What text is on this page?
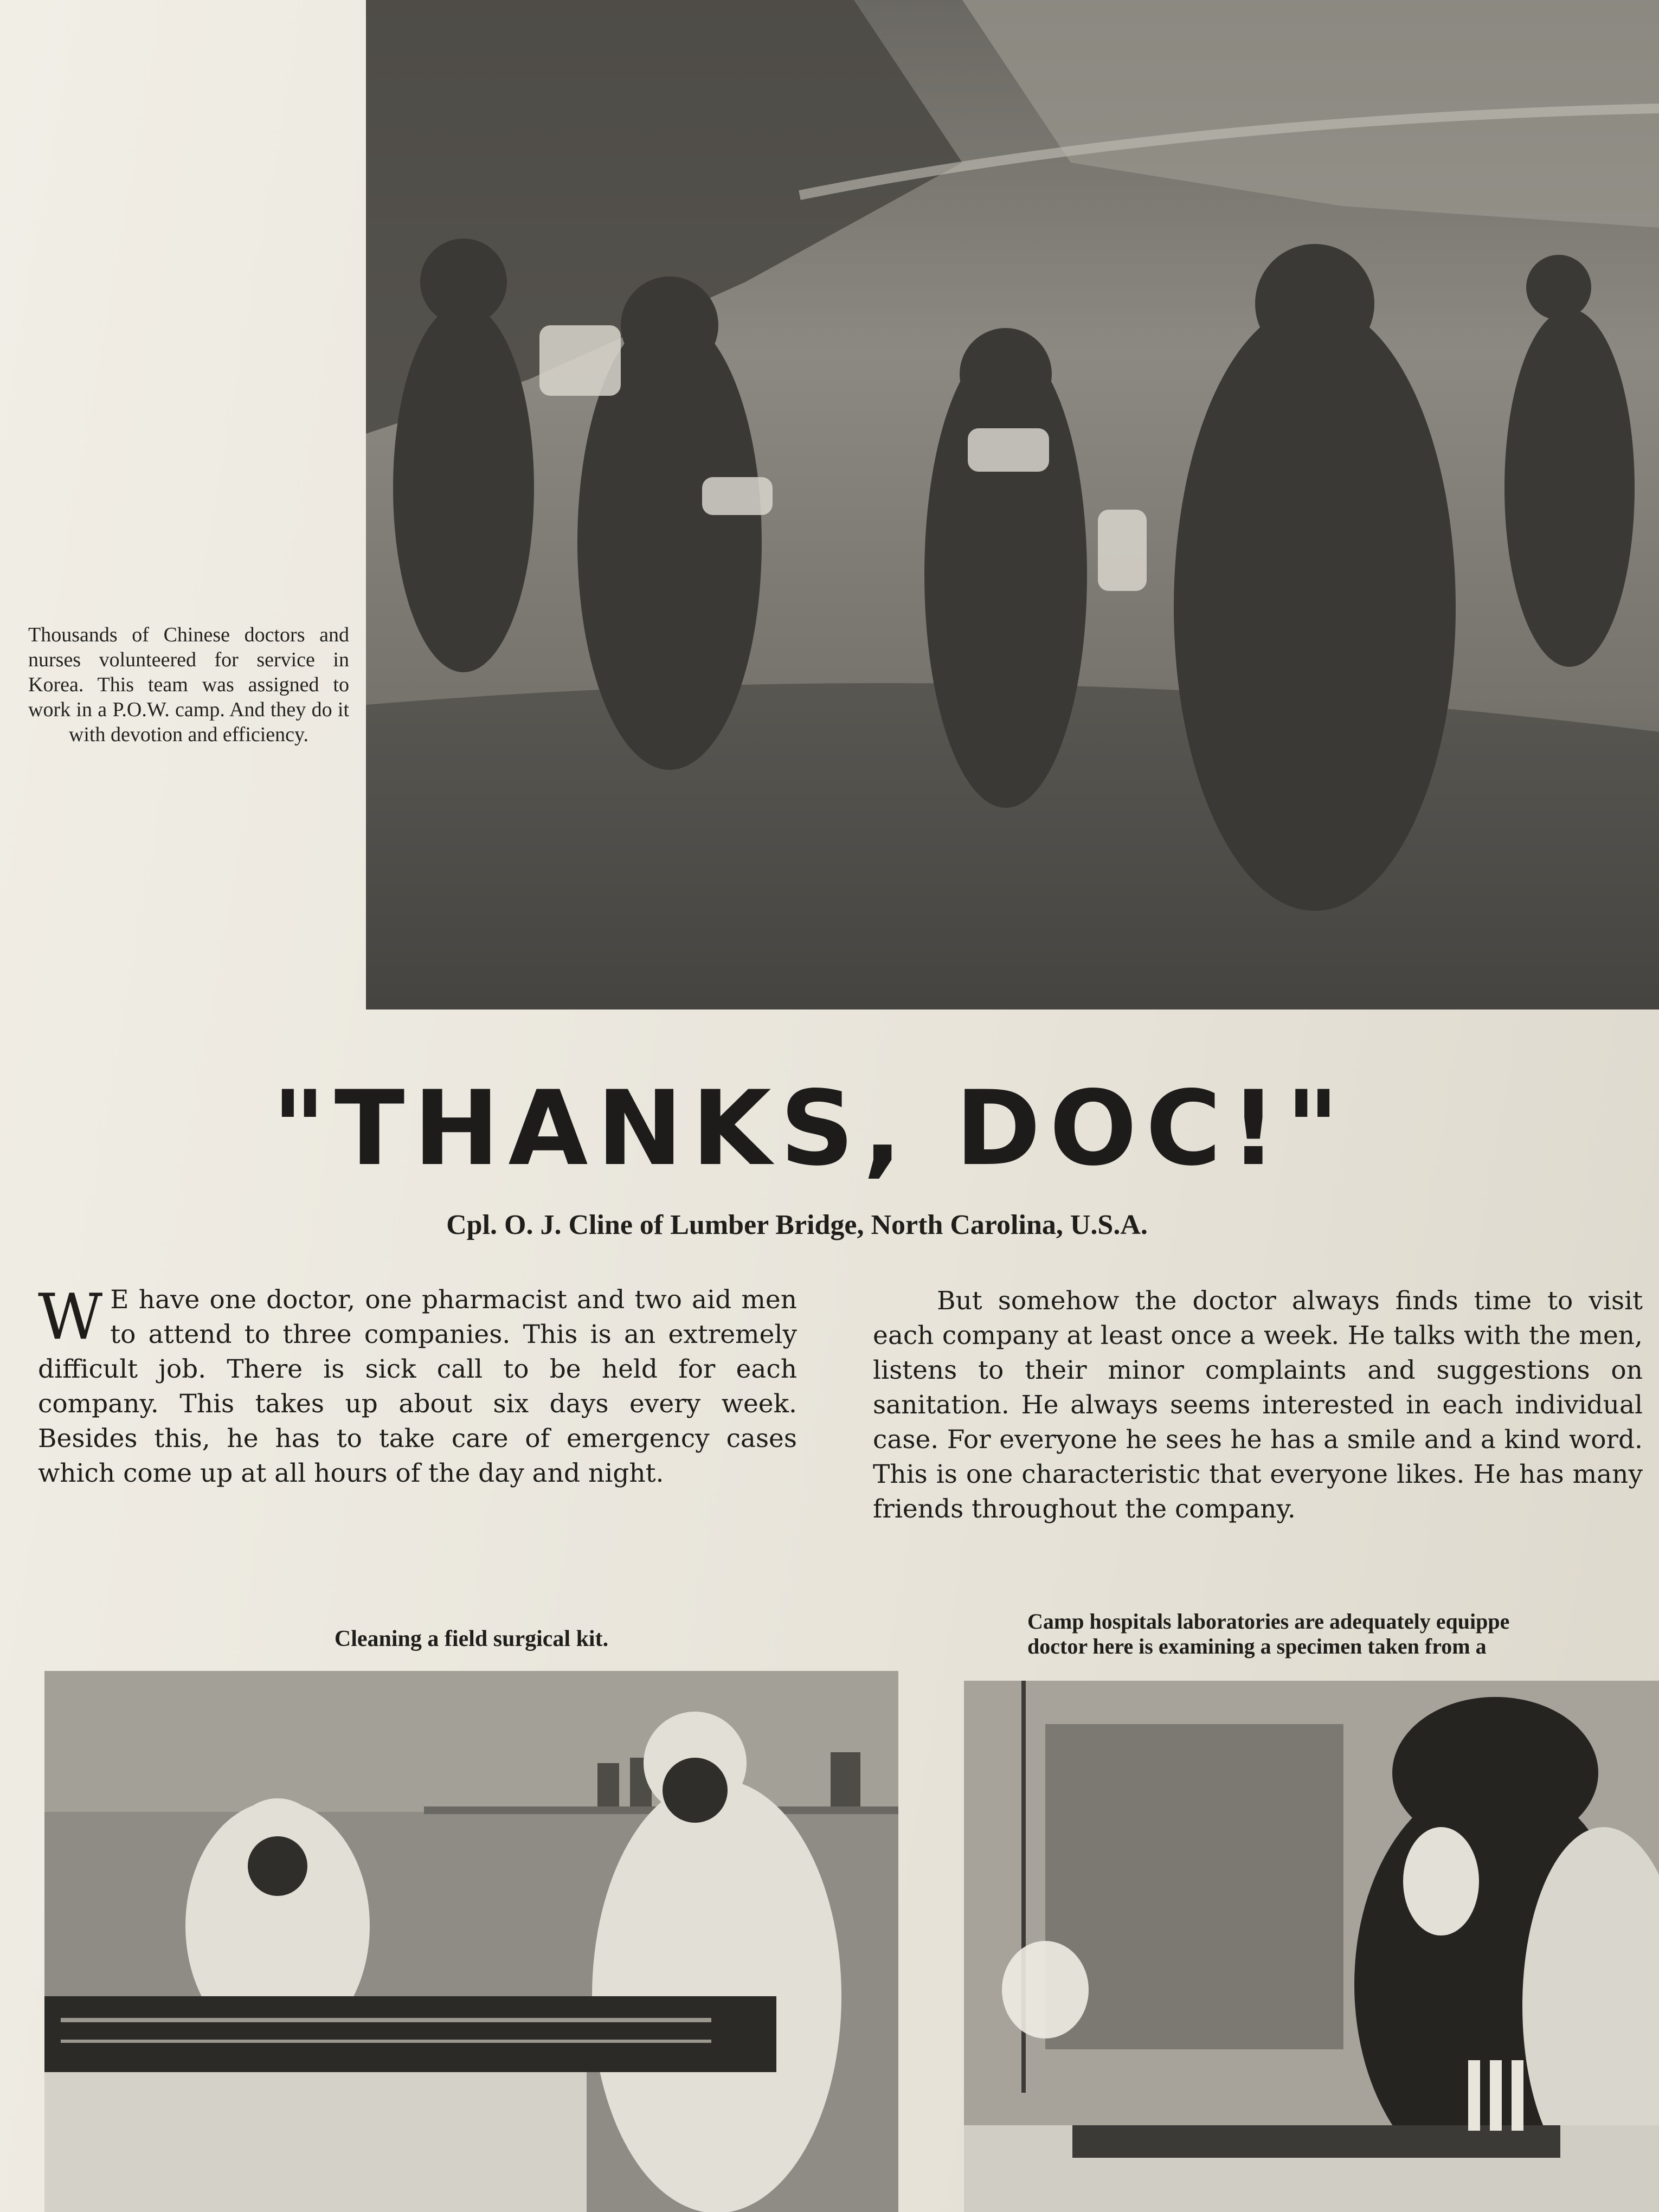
Thousands of Chinese doctors and nurses volunteered for service in Korea. This team was assigned to work in a P.O.W. camp. And they do it with devotion and efficiency.
"THANKS, DOC!"
Cpl. O. J. Cline of Lumber Bridge, North Carolina, U.S.A.
W E have one doctor, one pharmacist and two aid men to attend to three companies. This is an extremely difficult job. There is sick call to be held for each company. This takes up about six days every week. Besides this, he has to take care of emergency cases which come up at all hours of the day and night.
But somehow the doctor always finds time to visit each company at least once a week. He talks with the men, listens to their minor complaints and suggestions on sanitation. He always seems interested in each individual case. For everyone he sees he has a smile and a kind word. This is one characteristic that everyone likes. He has many friends throughout the company.
Cleaning a field surgical kit.
Camp hospitals laboratories are adequately equippe
doctor here is examining a specimen taken from a
